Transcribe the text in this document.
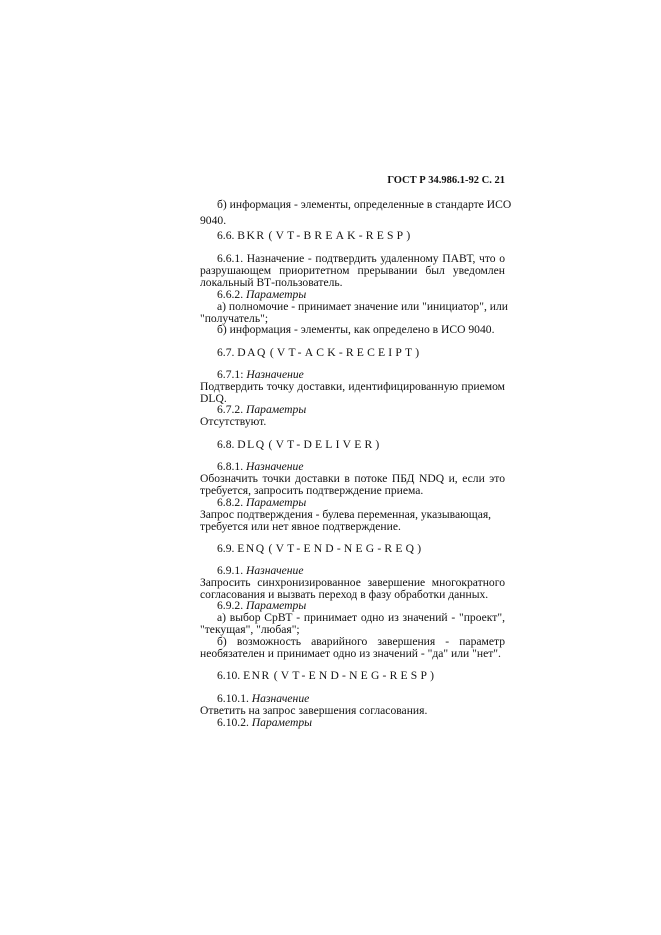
ГОСТ Р 34.986.1-92 С. 21
б) информация - элементы, определенные в стандарте ИСО
9040.
6.6. BKR (VT-BREAK-RESP)
6.6.1. Назначение - подтвердить удаленному ПАВТ, что о
разрушающем приоритетном прерывании был уведомлен
локальный ВТ-пользователь.
6.6.2. Параметры
а) полномочие - принимает значение или "инициатор", или
"получатель";
б) информация - элементы, как определено в ИСО 9040.
6.7. DAQ (VT-ACK-RECEIPT)
6.7.1: Назначение
Подтвердить точку доставки, идентифицированную приемом
DLQ.
6.7.2. Параметры
Отсутствуют.
6.8. DLQ (VT-DELIVER)
6.8.1. Назначение
Обозначить точки доставки в потоке ПБД NDQ и, если это
требуется, запросить подтверждение приема.
6.8.2. Параметры
Запрос подтверждения - булева переменная, указывающая,
требуется или нет явное подтверждение.
6.9. ENQ (VT-END-NEG-REQ)
6.9.1. Назначение
Запросить синхронизированное завершение многократного
согласования и вызвать переход в фазу обработки данных.
6.9.2. Параметры
а) выбор СрВТ - принимает одно из значений - "проект",
"текущая", "любая";
б) возможность аварийного завершения - параметр
необязателен и принимает одно из значений - "да" или "нет".
6.10. ENR (VT-END-NEG-RESP)
6.10.1. Назначение
Ответить на запрос завершения согласования.
6.10.2. Параметры
